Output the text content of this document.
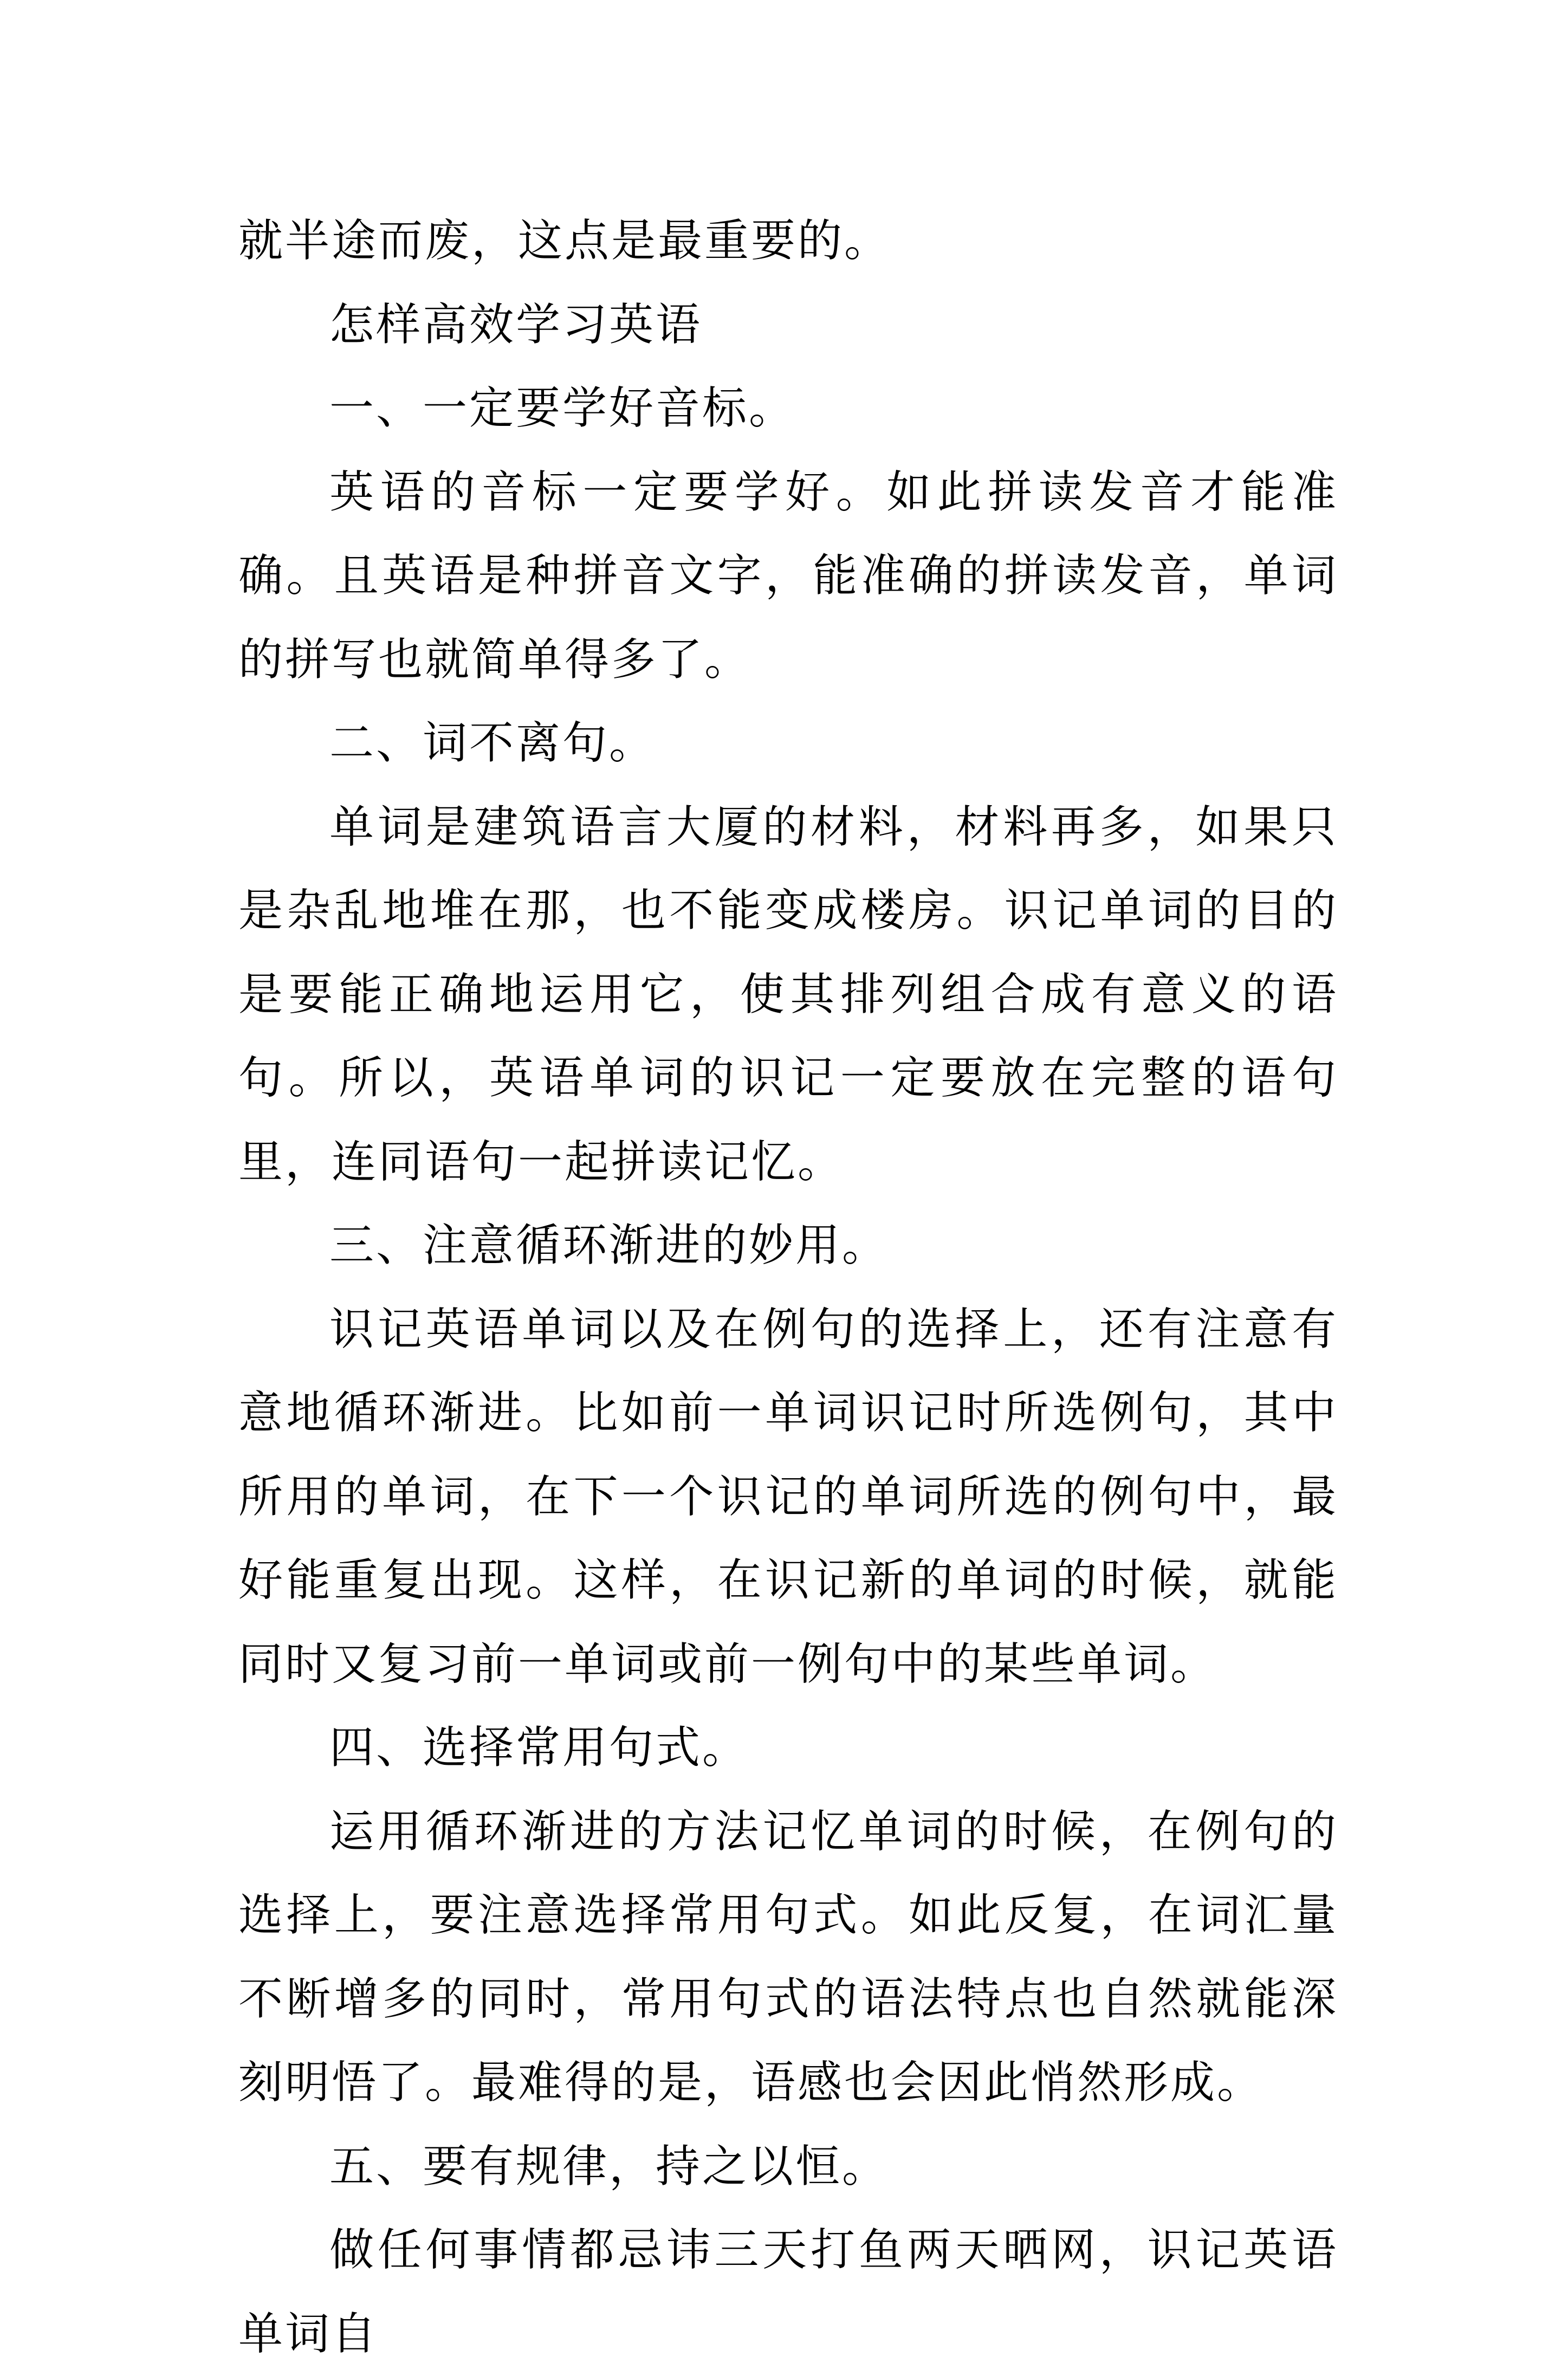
就半途而废，这点是最重要的。

怎样高效学习英语

一、一定要学好音标。

英语的音标一定要学好。如此拼读发音才能准确。且英语是种拼音文字，能准确的拼读发音，单词的拼写也就简单得多了。

二、词不离句。

单词是建筑语言大厦的材料，材料再多，如果只是杂乱地堆在那，也不能变成楼房。识记单词的目的是要能正确地运用它，使其排列组合成有意义的语句。所以，英语单词的识记一定要放在完整的语句里，连同语句一起拼读记忆。

三、注意循环渐进的妙用。

识记英语单词以及在例句的选择上，还有注意有意地循环渐进。比如前一单词识记时所选例句，其中所用的单词，在下一个识记的单词所选的例句中，最好能重复出现。这样，在识记新的单词的时候，就能同时又复习前一单词或前一例句中的某些单词。

四、选择常用句式。

运用循环渐进的方法记忆单词的时候，在例句的选择上，要注意选择常用句式。如此反复，在词汇量不断增多的同时，常用句式的语法特点也自然就能深刻明悟了。最难得的是，语感也会因此悄然形成。

五、要有规律，持之以恒。

做任何事情都忌讳三天打鱼两天晒网，识记英语单词自
